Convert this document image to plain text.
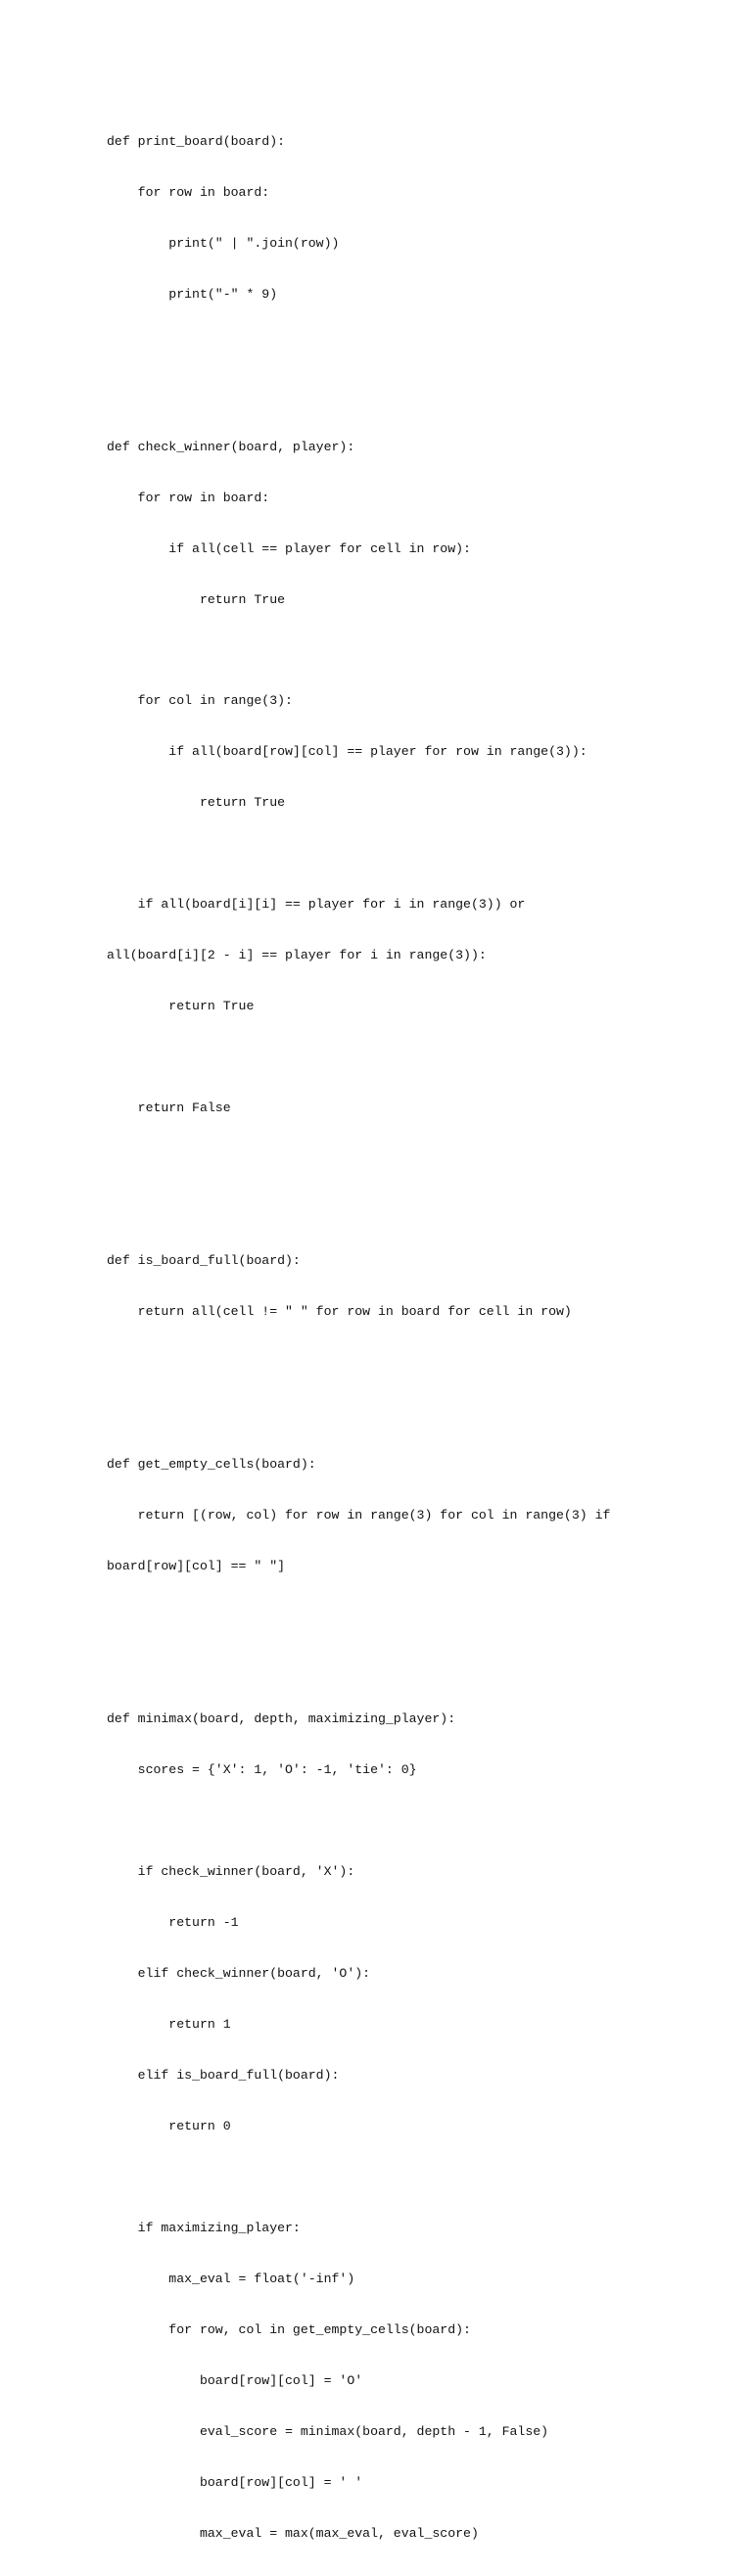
def print_board(board):

for row in board:

print(" | ".join(row))

print("-" * 9)

def check_winner(board, player):

for row in board:

if all(cell == player for cell in row):

return True

for col in range(3):

if all(board[row][col] == player for row in range(3)):

return True

if all(board[i][i] == player for i in range(3)) or

all(board[i][2 - i] == player for i in range(3)):

return True

return False

def is_board_full(board):

return all(cell != " " for row in board for cell in row)

def get_empty_cells(board):

return [(row, col) for row in range(3) for col in range(3) if

board[row][col] == " "]

def minimax(board, depth, maximizing_player):

scores = {'X': 1, 'O': -1, 'tie': 0}

if check_winner(board, 'X'):

return -1

elif check_winner(board, 'O'):

return 1

elif is_board_full(board):

return 0

if maximizing_player:

max_eval = float('-inf')

for row, col in get_empty_cells(board):

board[row][col] = 'O'

eval_score = minimax(board, depth - 1, False)

board[row][col] = ' '

max_eval = max(max_eval, eval_score)
